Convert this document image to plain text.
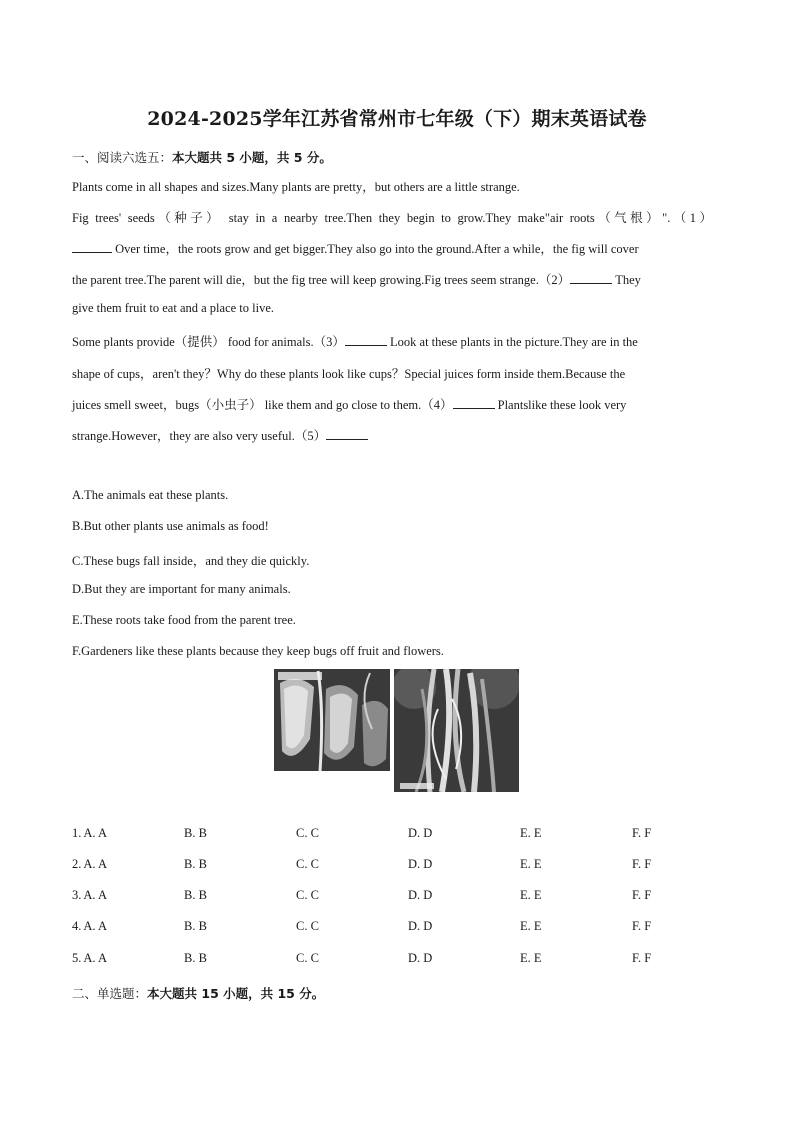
2024-2025学年江苏省常州市七年级（下）期末英语试卷
一、阅读六选五：本大题共 5 小题，共 5 分。
Plants come in all shapes and sizes.Many plants are pretty，but others are a little strange.
Fig trees' seeds（种子） stay in a nearby tree.Then they begin to grow.They make"air roots（气根）".（1）
Over time，the roots grow and get bigger.They also go into the ground.After a while，the fig will cover
the parent tree.The parent will die，but the fig tree will keep growing.Fig trees seem strange.（2）	They
give them fruit to eat and a place to live.
Some plants provide（提供） food for animals.（3）	Look at these plants in the picture.They are in the
shape of cups，aren't they？Why do these plants look like cups？Special juices form inside them.Because the
juices smell sweet，bugs（小虫子） like them and go close to them.（4）	Plantslike these look very
strange.However，they are also very useful.（5）
A.The animals eat these plants.
B.But other plants use animals as food!
C.These bugs fall inside，and they die quickly.
D.But they are important for many animals.
E.These roots take food from the parent tree.
F.Gardeners like these plants because they keep bugs off fruit and flowers.
1. A. A	B. B	C. C	D. D	E. E	F. F
2. A. A	B. B	C. C	D. D	E. E	F. F
3. A. A	B. B	C. C	D. D	E. E	F. F
4. A. A	B. B	C. C	D. D	E. E	F. F
5. A. A	B. B	C. C	D. D	E. E	F. F
二、单选题：本大题共 15 小题，共 15 分。
